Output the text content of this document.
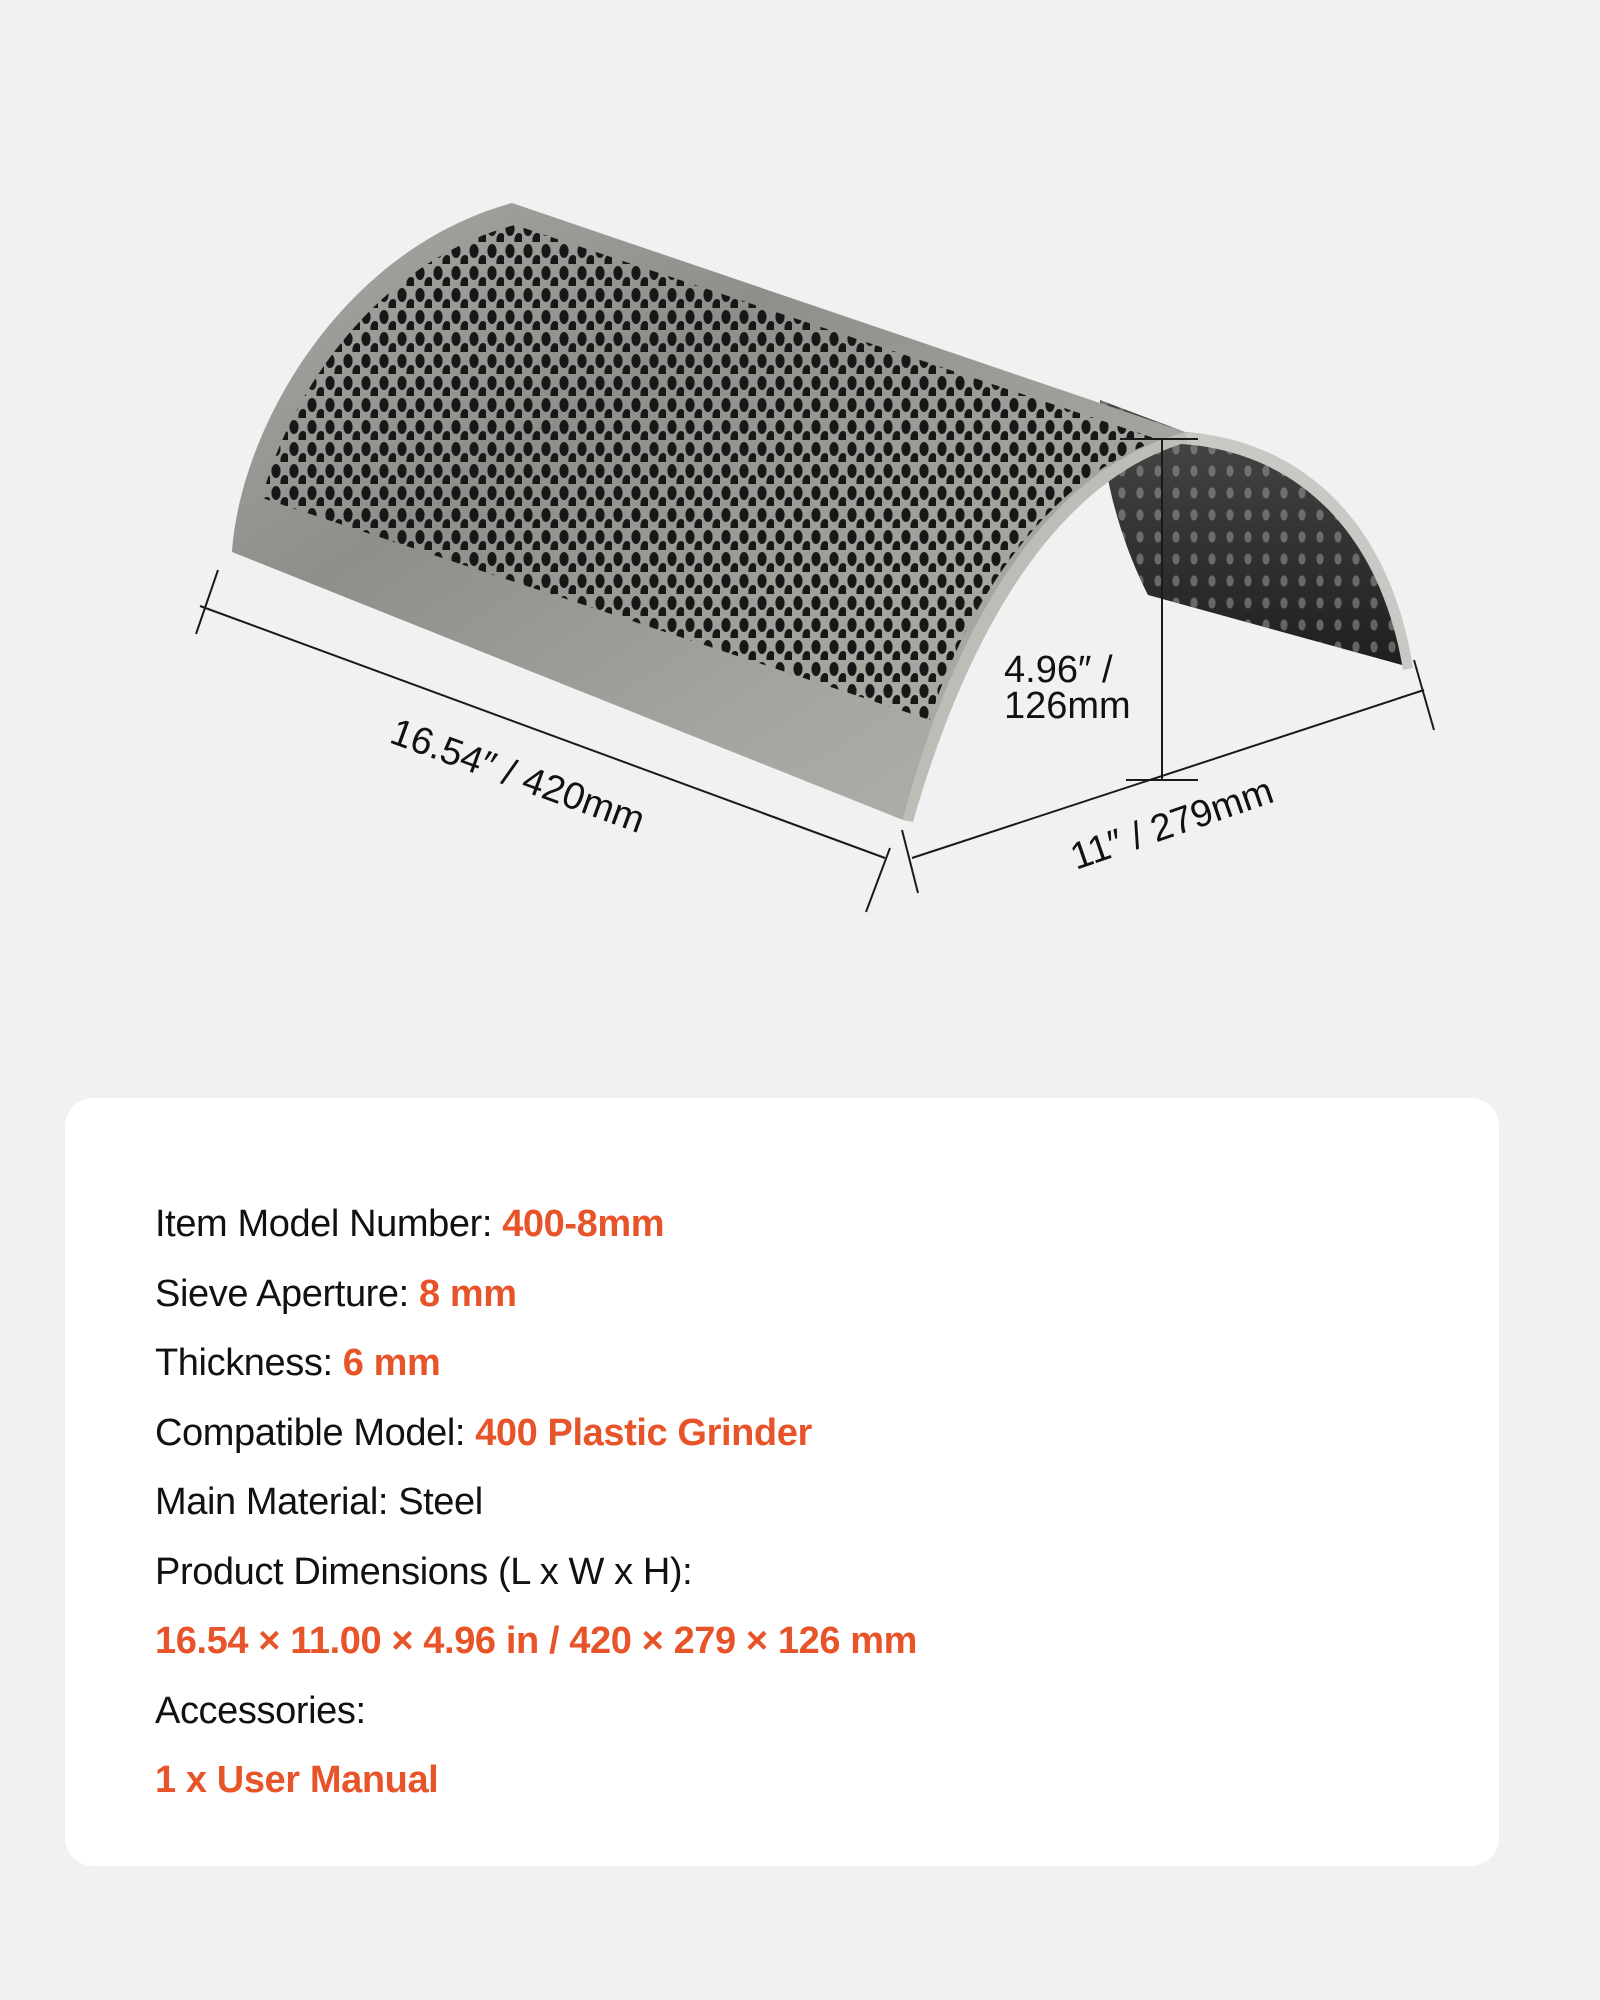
16.54″ / 420mm	11″ / 279mm
4.96″ /
126mm
Item Model Number: 400-8mm
Sieve Aperture: 8 mm
Thickness: 6 mm
Compatible Model: 400 Plastic Grinder
Main Material: Steel
Product Dimensions (L x W x H):
16.54 × 11.00 × 4.96 in / 420 × 279 × 126 mm
Accessories:
1 x User Manual
